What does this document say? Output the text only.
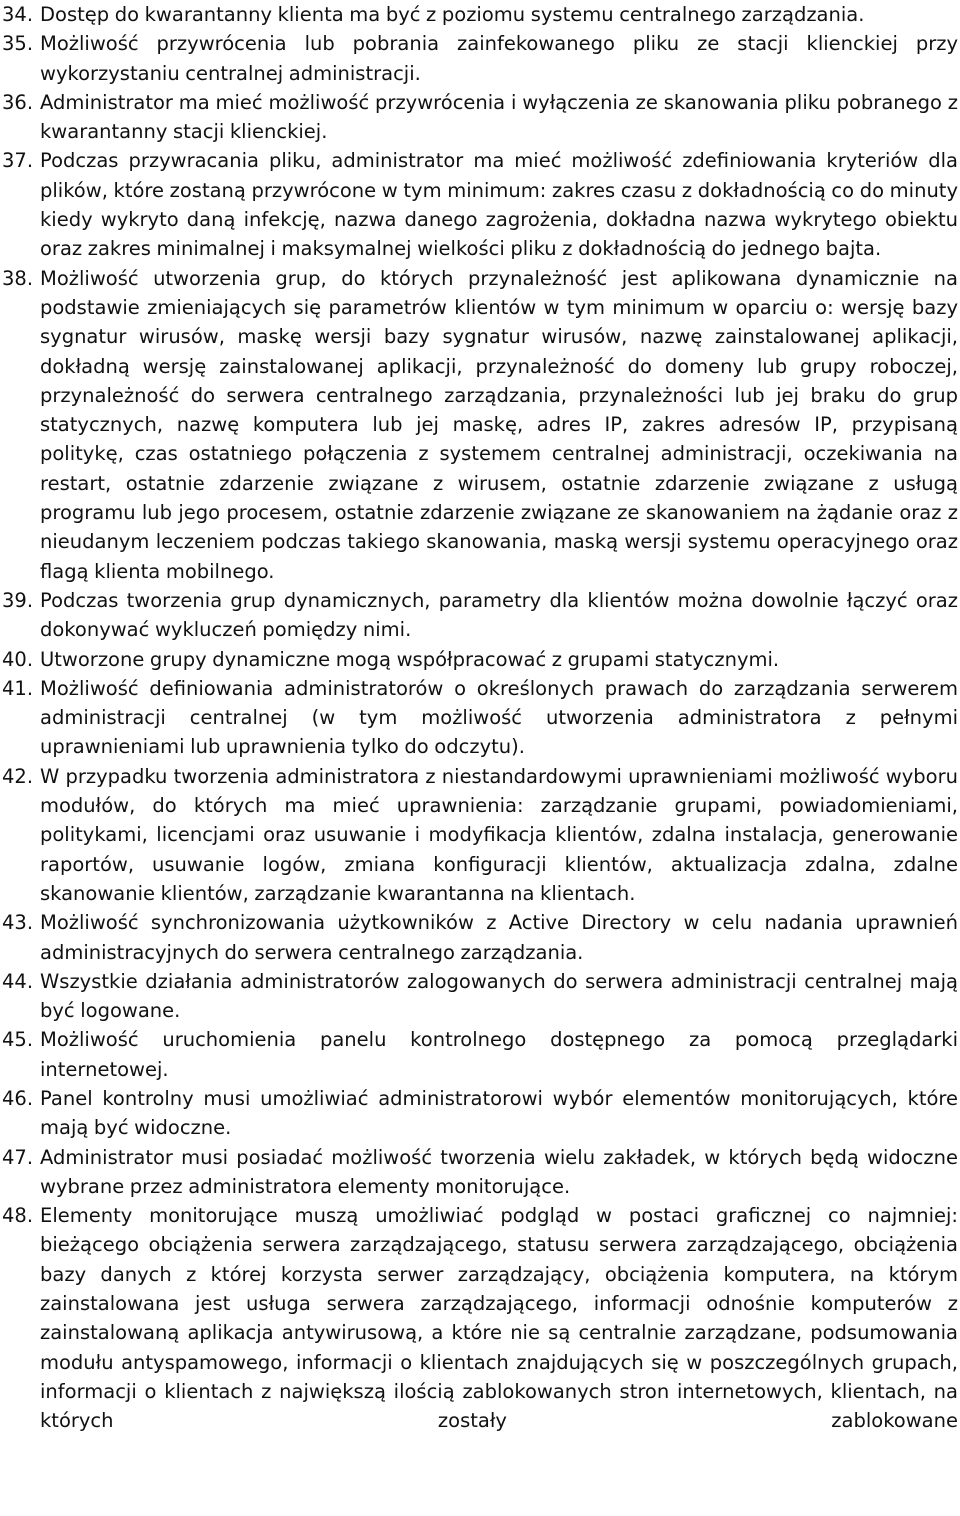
34. Dostęp do kwarantanny klienta ma być z poziomu systemu centralnego zarządzania.
35. Możliwość przywrócenia lub pobrania zainfekowanego pliku ze stacji klienckiej przy wykorzystaniu centralnej administracji.
36. Administrator ma mieć możliwość przywrócenia i wyłączenia ze skanowania pliku pobranego z kwarantanny stacji klienckiej.
37. Podczas przywracania pliku, administrator ma mieć możliwość zdefiniowania kryteriów dla plików, które zostaną przywrócone w tym minimum: zakres czasu z dokładnością co do minuty kiedy wykryto daną infekcję, nazwa danego zagrożenia, dokładna nazwa wykrytego obiektu oraz zakres minimalnej i maksymalnej wielkości pliku z dokładnością do jednego bajta.
38. Możliwość utworzenia grup, do których przynależność jest aplikowana dynamicznie na podstawie zmieniających się parametrów klientów w tym minimum w oparciu o: wersję bazy sygnatur wirusów, maskę wersji bazy sygnatur wirusów, nazwę zainstalowanej aplikacji, dokładną wersję zainstalowanej aplikacji, przynależność do domeny lub grupy roboczej, przynależność do serwera centralnego zarządzania, przynależności lub jej braku do grup statycznych, nazwę komputera lub jej maskę, adres IP, zakres adresów IP, przypisaną politykę, czas ostatniego połączenia z systemem centralnej administracji, oczekiwania na restart, ostatnie zdarzenie związane z wirusem, ostatnie zdarzenie związane z usługą programu lub jego procesem, ostatnie zdarzenie związane ze skanowaniem na żądanie oraz z nieudanym leczeniem podczas takiego skanowania, maską wersji systemu operacyjnego oraz flagą klienta mobilnego.
39. Podczas tworzenia grup dynamicznych, parametry dla klientów można dowolnie łączyć oraz dokonywać wykluczeń pomiędzy nimi.
40. Utworzone grupy dynamiczne mogą współpracować z grupami statycznymi.
41. Możliwość definiowania administratorów o określonych prawach do zarządzania serwerem administracji centralnej (w tym możliwość utworzenia administratora z pełnymi uprawnieniami lub uprawnienia tylko do odczytu).
42. W przypadku tworzenia administratora z niestandardowymi uprawnieniami możliwość wyboru modułów, do których ma mieć uprawnienia: zarządzanie grupami, powiadomieniami, politykami, licencjami oraz usuwanie i modyfikacja klientów, zdalna instalacja, generowanie raportów, usuwanie logów, zmiana konfiguracji klientów, aktualizacja zdalna, zdalne skanowanie klientów, zarządzanie kwarantanna na klientach.
43. Możliwość synchronizowania użytkowników z Active Directory w celu nadania uprawnień administracyjnych do serwera centralnego zarządzania.
44. Wszystkie działania administratorów zalogowanych do serwera administracji centralnej mają być logowane.
45. Możliwość uruchomienia panelu kontrolnego dostępnego za pomocą przeglądarki internetowej.
46. Panel kontrolny musi umożliwiać administratorowi wybór elementów monitorujących, które mają być widoczne.
47. Administrator musi posiadać możliwość tworzenia wielu zakładek, w których będą widoczne wybrane przez administratora elementy monitorujące.
48. Elementy monitorujące muszą umożliwiać podgląd w postaci graficznej co najmniej: bieżącego obciążenia serwera zarządzającego, statusu serwera zarządzającego, obciążenia bazy danych z której korzysta serwer zarządzający, obciążenia komputera, na którym zainstalowana jest usługa serwera zarządzającego, informacji odnośnie komputerów z zainstalowaną aplikacja antywirusową, a które nie są centralnie zarządzane, podsumowania modułu antyspamowego, informacji o klientach znajdujących się w poszczególnych grupach, informacji o klientach z największą ilością zablokowanych stron internetowych, klientach, na których zostały zablokowane
